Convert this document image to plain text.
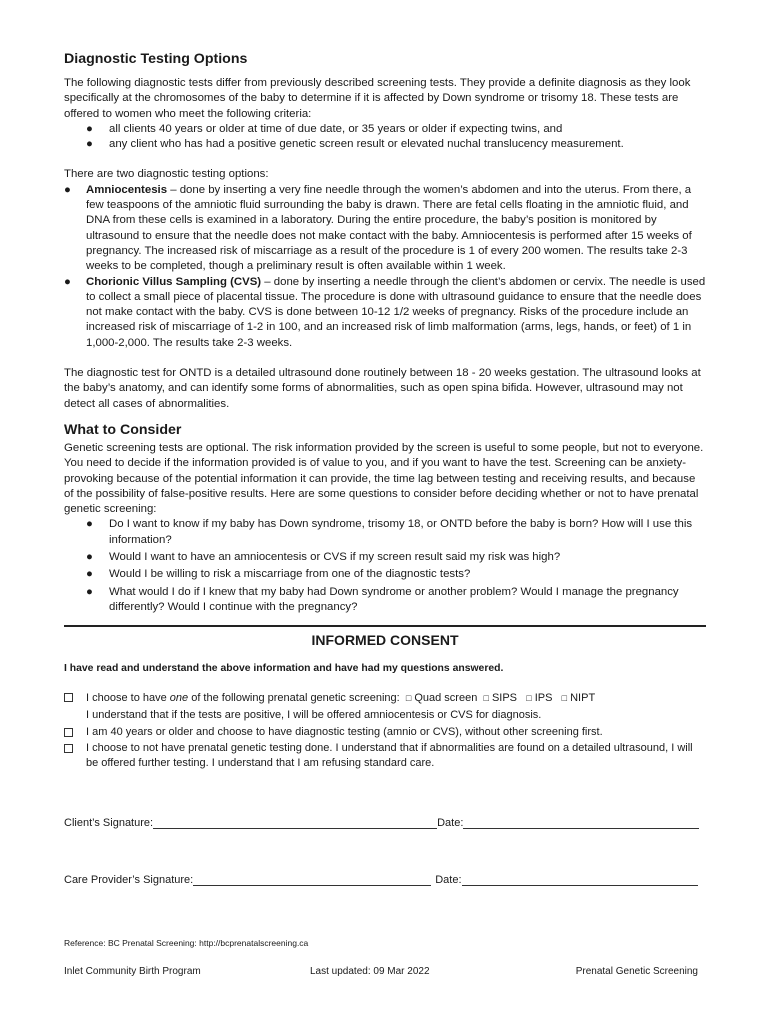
Diagnostic Testing Options

The following diagnostic tests differ from previously described screening tests. They provide a definite diagnosis as they look specifically at the chromosomes of the baby to determine if it is affected by Down syndrome or trisomy 18. These tests are offered to women who meet the following criteria:

● all clients 40 years or older at time of due date, or 35 years or older if expecting twins, and
● any client who has had a positive genetic screen result or elevated nuchal translucency measurement.

There are two diagnostic testing options:

● Amniocentesis – done by inserting a very fine needle through the women’s abdomen and into the uterus. From there, a few teaspoons of the amniotic fluid surrounding the baby is drawn. There are fetal cells floating in the amniotic fluid, and DNA from these cells is examined in a laboratory. During the entire procedure, the baby’s position is monitored by ultrasound to ensure that the needle does not make contact with the baby. Amniocentesis is performed after 15 weeks of pregnancy. The increased risk of miscarriage as a result of the procedure is 1 of every 200 women. The results take 2-3 weeks to be completed, though a preliminary result is often available within 1 week.
● Chorionic Villus Sampling (CVS) – done by inserting a needle through the client’s abdomen or cervix. The needle is used to collect a small piece of placental tissue. The procedure is done with ultrasound guidance to ensure that the needle does not make contact with the baby. CVS is done between 10-12 1/2 weeks of pregnancy. Risks of the procedure include an increased risk of miscarriage of 1-2 in 100, and an increased risk of limb malformation (arms, legs, hands, or feet) of 1 in 1,000-2,000. The results take 2-3 weeks.

The diagnostic test for ONTD is a detailed ultrasound done routinely between 18 - 20 weeks gestation. The ultrasound looks at the baby’s anatomy, and can identify some forms of abnormalities, such as open spina bifida. However, ultrasound may not detect all cases of abnormalities.

What to Consider

Genetic screening tests are optional. The risk information provided by the screen is useful to some people, but not to everyone. You need to decide if the information provided is of value to you, and if you want to have the test. Screening can be anxiety-provoking because of the potential information it can provide, the time lag between testing and receiving results, and because of the possibility of false-positive results. Here are some questions to consider before deciding whether or not to have prenatal genetic screening:

● Do I want to know if my baby has Down syndrome, trisomy 18, or ONTD before the baby is born? How will I use this information?
● Would I want to have an amniocentesis or CVS if my screen result said my risk was high?
● Would I be willing to risk a miscarriage from one of the diagnostic tests?
● What would I do if I knew that my baby had Down syndrome or another problem? Would I manage the pregnancy differently? Would I continue with the pregnancy?
INFORMED CONSENT
I have read and understand the above information and have had my questions answered.
I choose to have one of the following prenatal genetic screening: □ Quad screen □ SIPS □ IPS □ NIPT
I understand that if the tests are positive, I will be offered amniocentesis or CVS for diagnosis.
I am 40 years or older and choose to have diagnostic testing (amnio or CVS), without other screening first.
I choose to not have prenatal genetic testing done. I understand that if abnormalities are found on a detailed ultrasound, I will be offered further testing. I understand that I am refusing standard care.
Client’s Signature:	Date:
Care Provider’s Signature:	Date:
Reference: BC Prenatal Screening: http://bcprenatalscreening.ca
Inlet Community Birth Program	Last updated: 09 Mar 2022	Prenatal Genetic Screening
